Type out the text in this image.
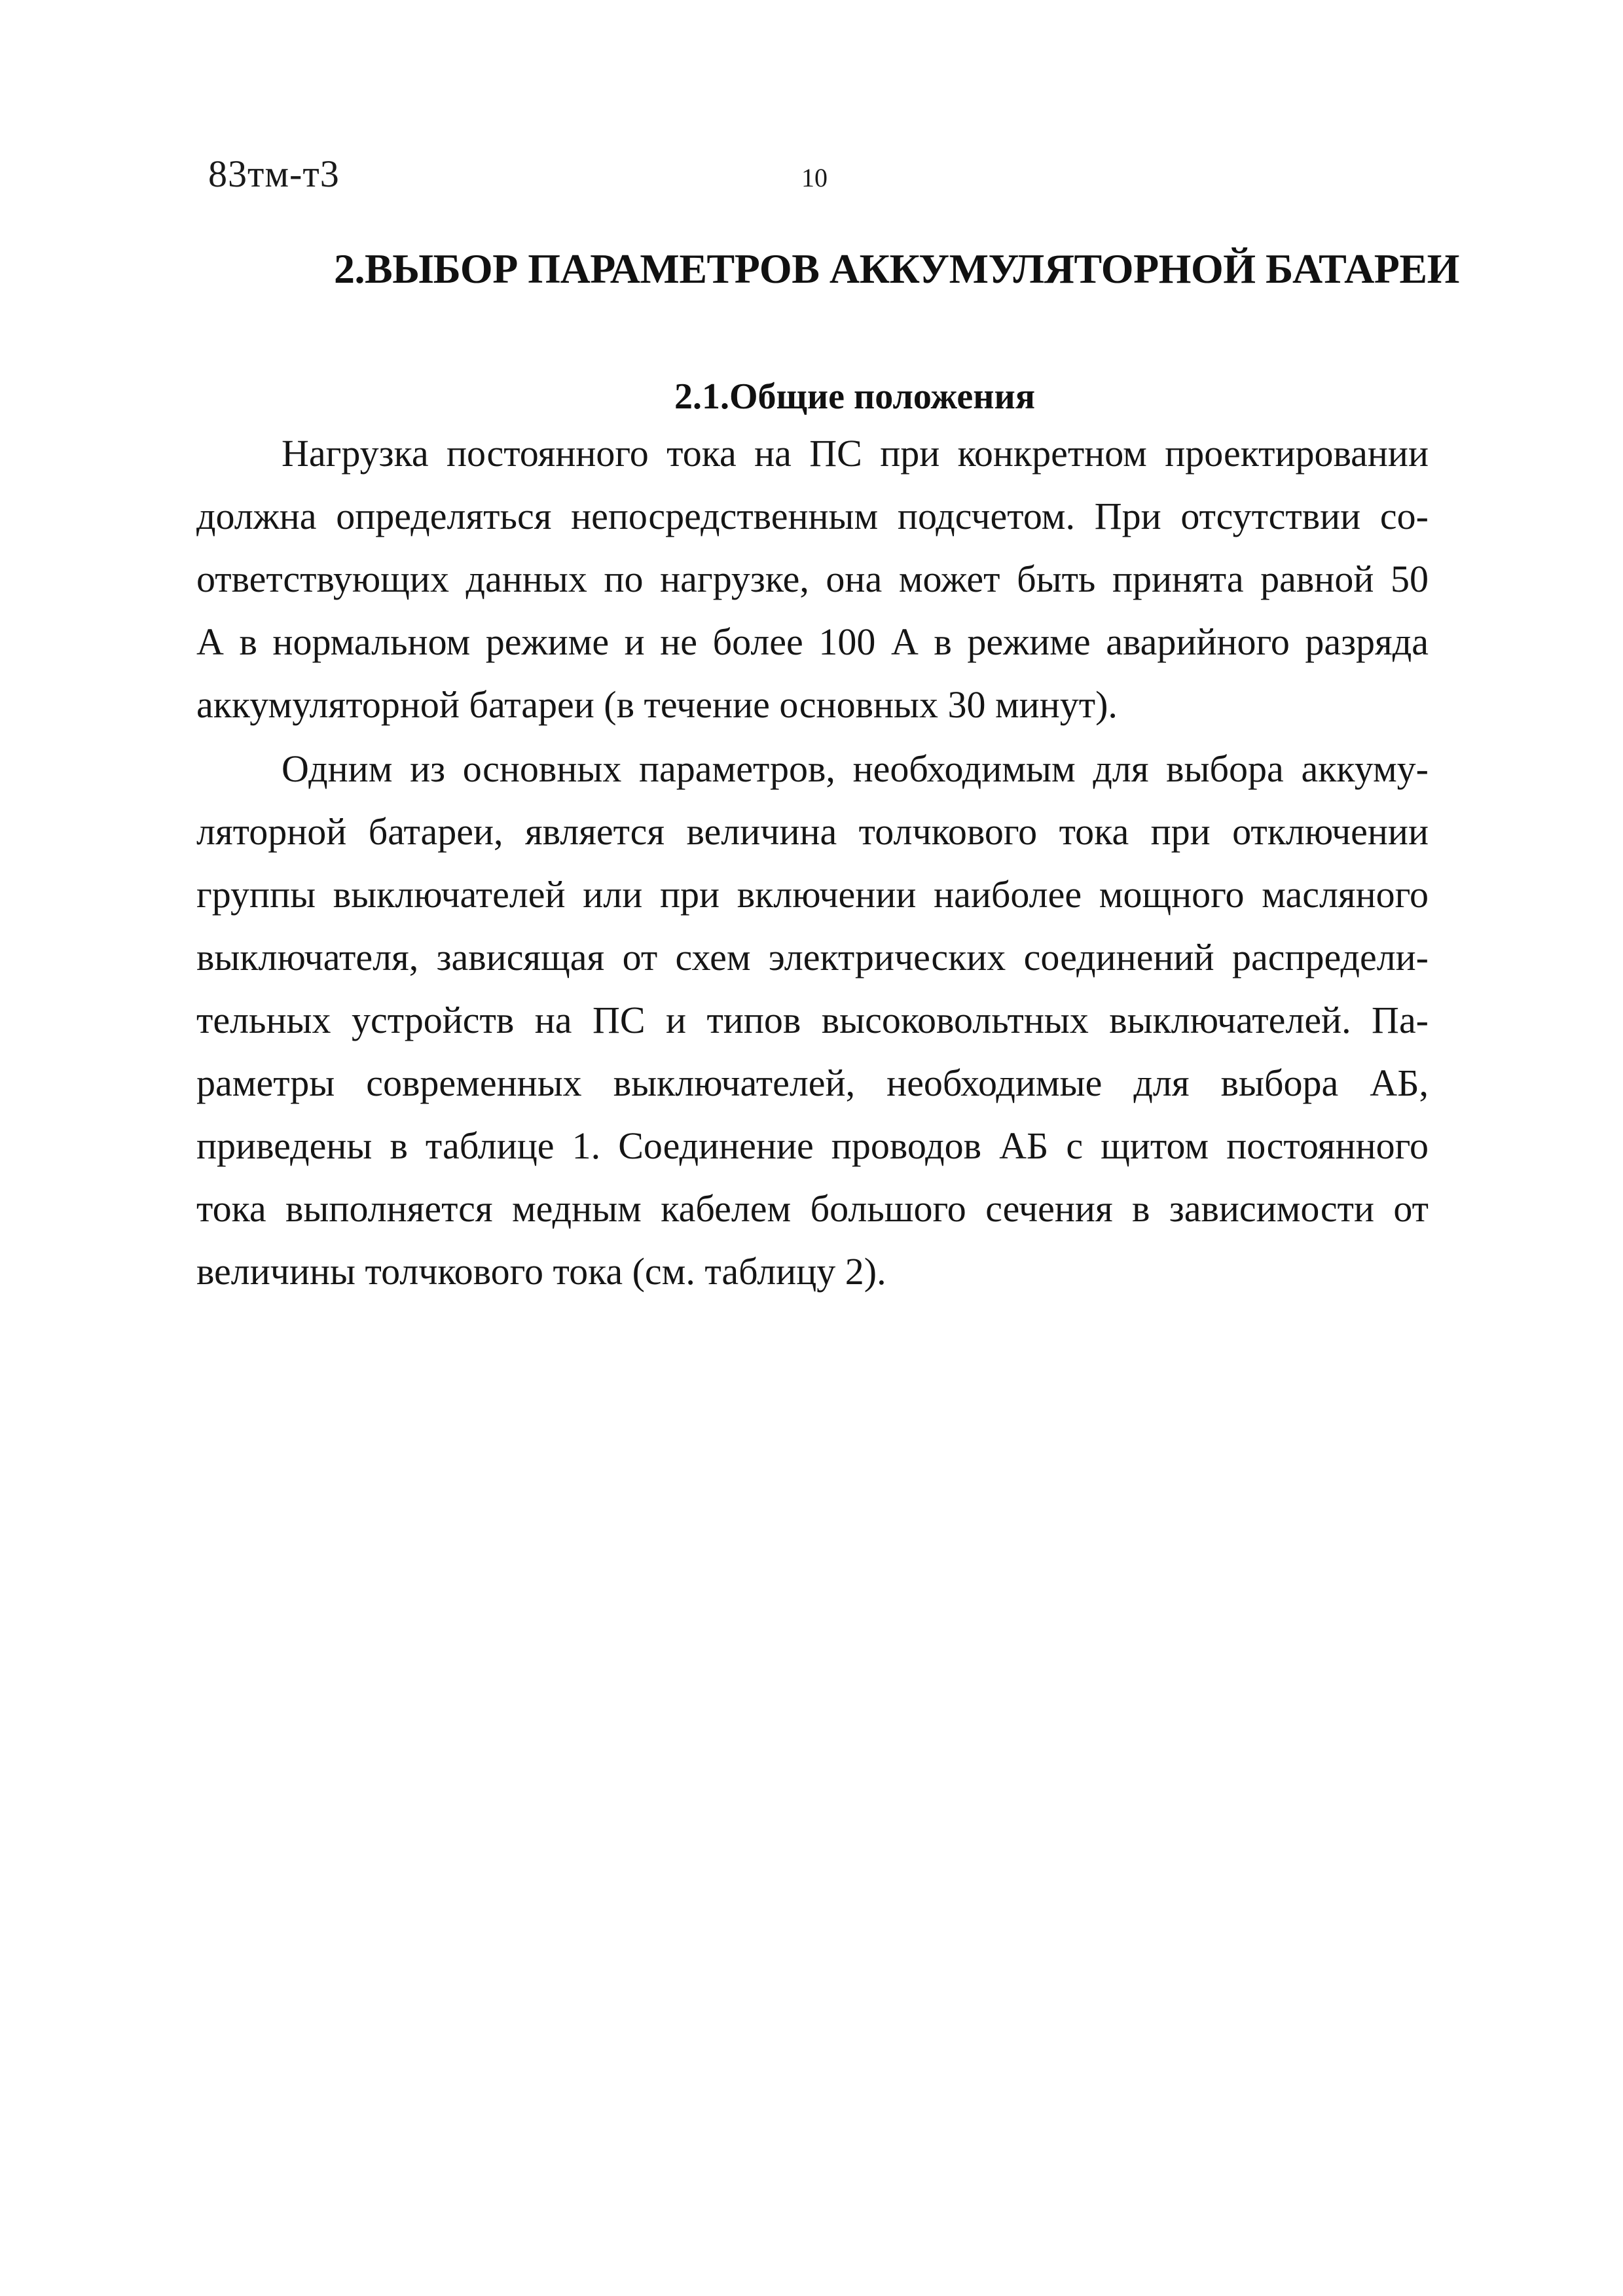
83тм-т3	10
2.ВЫБОР ПАРАМЕТРОВ АККУМУЛЯТОРНОЙ БАТАРЕИ
2.1.Общие положения
Нагрузка постоянного тока на ПС при конкретном проектировании
должна определяться непосредственным подсчетом. При отсутствии со-
ответствующих данных по нагрузке, она может быть принята равной 50
А в нормальном режиме и не более 100 А в режиме аварийного разряда
аккумуляторной батареи (в течение основных 30 минут).
Одним из основных параметров, необходимым для выбора аккуму-
ляторной батареи, является величина толчкового тока при отключении
группы выключателей или при включении наиболее мощного масляного
выключателя, зависящая от схем электрических соединений распредели-
тельных устройств на ПС и типов высоковольтных выключателей. Па-
раметры современных выключателей, необходимые для выбора АБ,
приведены в таблице 1. Соединение проводов АБ с щитом постоянного
тока выполняется медным кабелем большого сечения в зависимости от
величины толчкового тока (см. таблицу 2).
